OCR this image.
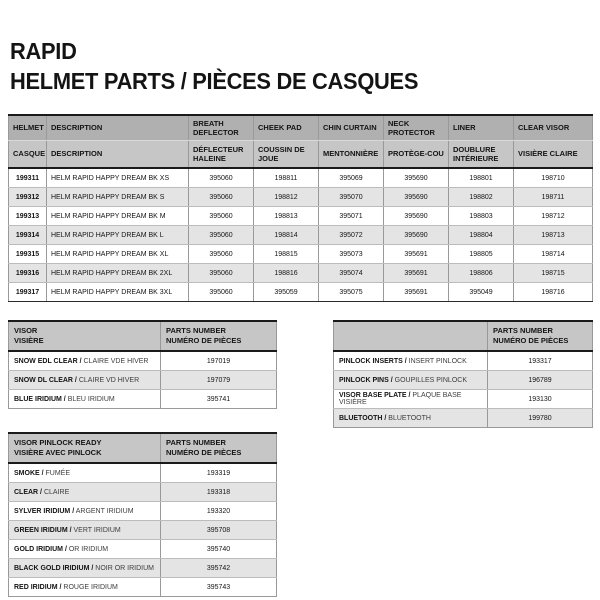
RAPID
HELMET PARTS / PIÈCES DE CASQUES
HELMET	DESCRIPTION	BREATH DEFLECTOR	CHEEK PAD	CHIN CURTAIN	NECK PROTECTOR	LINER	CLEAR VISOR
CASQUE	DESCRIPTION	DÉFLECTEUR HALEINE	COUSSIN DE JOUE	MENTONNIÈRE	PROTÈGE-COU	DOUBLURE INTÉRIEURE	VISIÈRE CLAIRE
199311	HELM RAPID HAPPY DREAM BK XS	395060	198811	395069	395690	198801	198710
199312	HELM RAPID HAPPY DREAM BK S	395060	198812	395070	395690	198802	198711
199313	HELM RAPID HAPPY DREAM BK M	395060	198813	395071	395690	198803	198712
199314	HELM RAPID HAPPY DREAM BK L	395060	198814	395072	395690	198804	198713
199315	HELM RAPID HAPPY DREAM BK XL	395060	198815	395073	395691	198805	198714
199316	HELM RAPID HAPPY DREAM BK 2XL	395060	198816	395074	395691	198806	198715
199317	HELM RAPID HAPPY DREAM BK 3XL	395060	395059	395075	395691	395049	198716
VISOR
VISIÈRE

PARTS NUMBER
NUMÉRO DE PIÈCES

SNOW EDL CLEAR / CLAIRE VDE HIVER	197019
SNOW DL CLEAR / CLAIRE VD HIVER	197079
BLUE IRIDIUM / BLEU IRIDIUM	395741

	PARTS NUMBER
NUMÉRO DE PIÈCES

PINLOCK INSERTS / INSERT PINLOCK	193317
PINLOCK PINS / GOUPILLES PINLOCK	196789
VISOR BASE PLATE / PLAQUE BASE VISIÈRE	193130
BLUETOOTH / BLUETOOTH	199780
VISOR PINLOCK READY
VISIÈRE AVEC PINLOCK

PARTS NUMBER
NUMÉRO DE PIÈCES

SMOKE / FUMÉE	193319
CLEAR / CLAIRE	193318
SYLVER IRIDIUM / ARGENT IRIDIUM	193320
GREEN IRIDIUM / VERT IRIDIUM	395708
GOLD IRIDIUM / OR IRIDIUM	395740
BLACK GOLD IRIDIUM / NOIR OR IRIDIUM	395742
RED IRIDIUM / ROUGE IRIDIUM	395743
